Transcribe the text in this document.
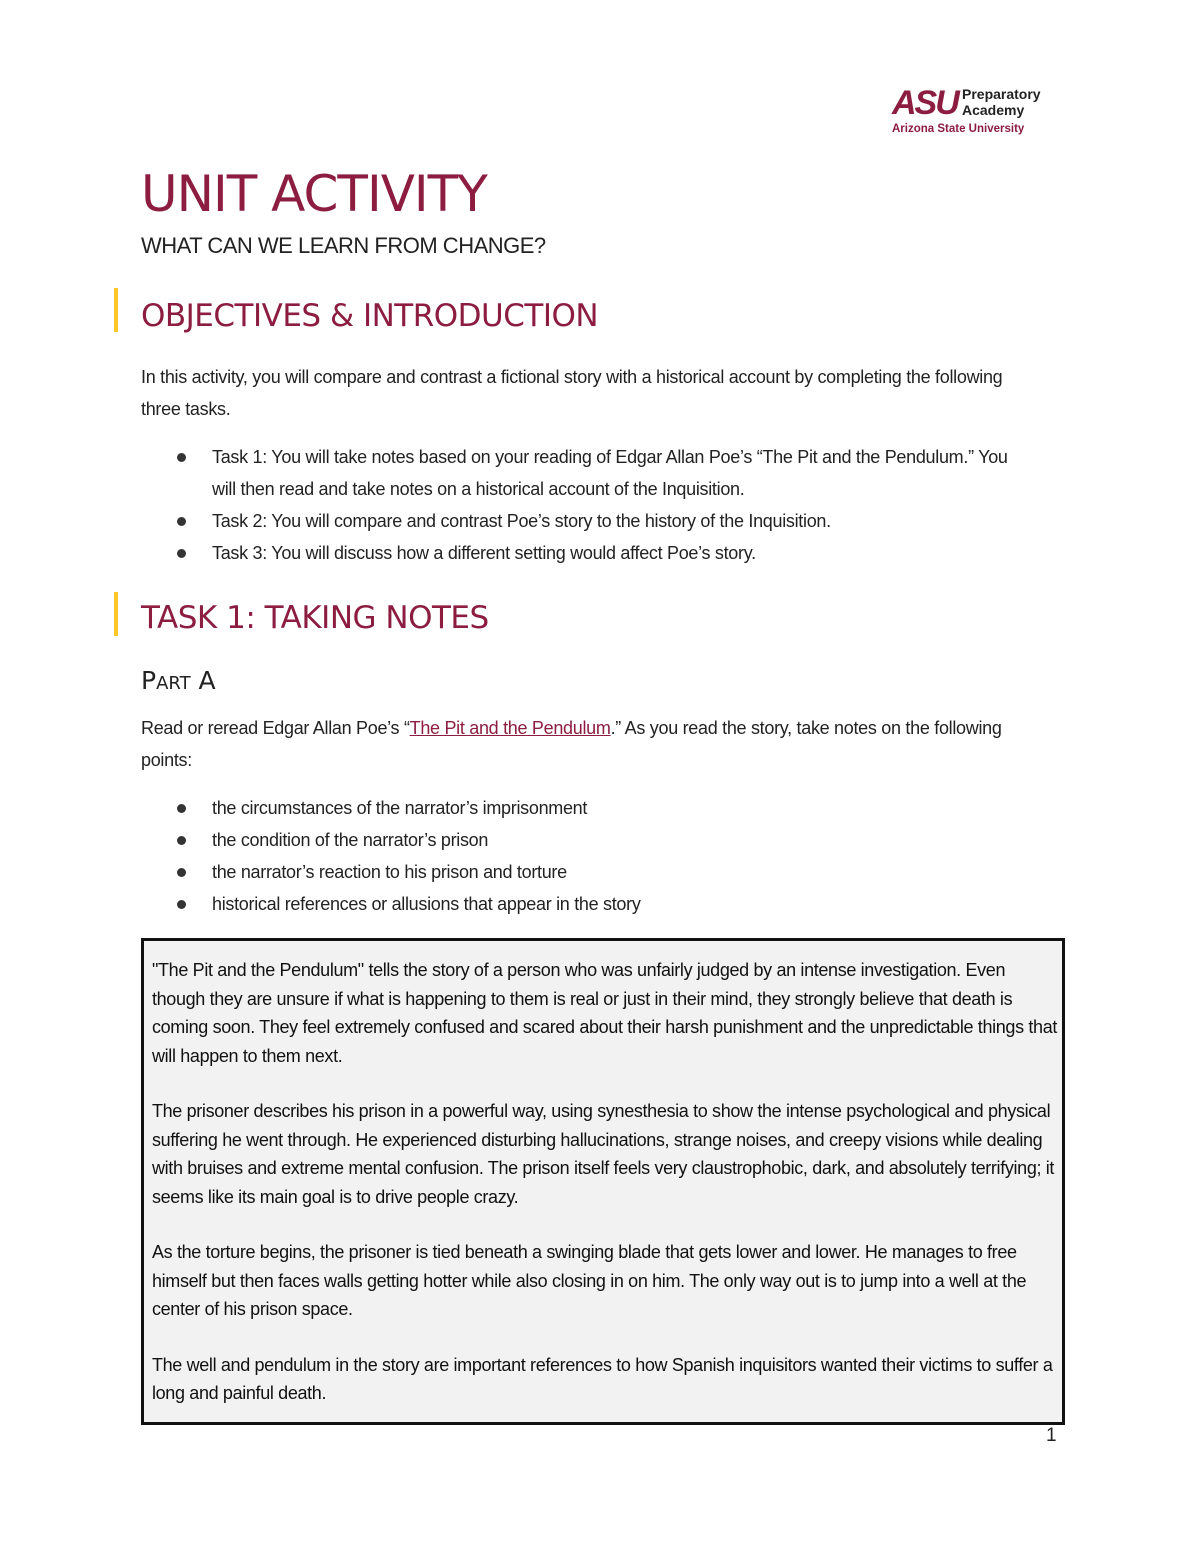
ASU Preparatory
Academy
Arizona State University
UNIT ACTIVITY
WHAT CAN WE LEARN FROM CHANGE?
OBJECTIVES & INTRODUCTION

In this activity, you will compare and contrast a fictional story with a historical account by completing the following three tasks.

Task 1: You will take notes based on your reading of Edgar Allan Poe’s “The Pit and the Pendulum.” You will then read and take notes on a historical account of the Inquisition.
Task 2: You will compare and contrast Poe’s story to the history of the Inquisition.
Task 3: You will discuss how a different setting would affect Poe’s story.
TASK 1: TAKING NOTES
Part A

Read or reread Edgar Allan Poe’s “The Pit and the Pendulum.” As you read the story, take notes on the following points:

the circumstances of the narrator’s imprisonment
the condition of the narrator’s prison
the narrator’s reaction to his prison and torture
historical references or allusions that appear in the story

"The Pit and the Pendulum" tells the story of a person who was unfairly judged by an intense investigation. Even though they are unsure if what is happening to them is real or just in their mind, they strongly believe that death is coming soon. They feel extremely confused and scared about their harsh punishment and the unpredictable things that will happen to them next.

The prisoner describes his prison in a powerful way, using synesthesia to show the intense psychological and physical suffering he went through. He experienced disturbing hallucinations, strange noises, and creepy visions while dealing with bruises and extreme mental confusion. The prison itself feels very claustrophobic, dark, and absolutely terrifying; it seems like its main goal is to drive people crazy.

As the torture begins, the prisoner is tied beneath a swinging blade that gets lower and lower. He manages to free himself but then faces walls getting hotter while also closing in on him. The only way out is to jump into a well at the center of his prison space.

The well and pendulum in the story are important references to how Spanish inquisitors wanted their victims to suffer a long and painful death.

1
